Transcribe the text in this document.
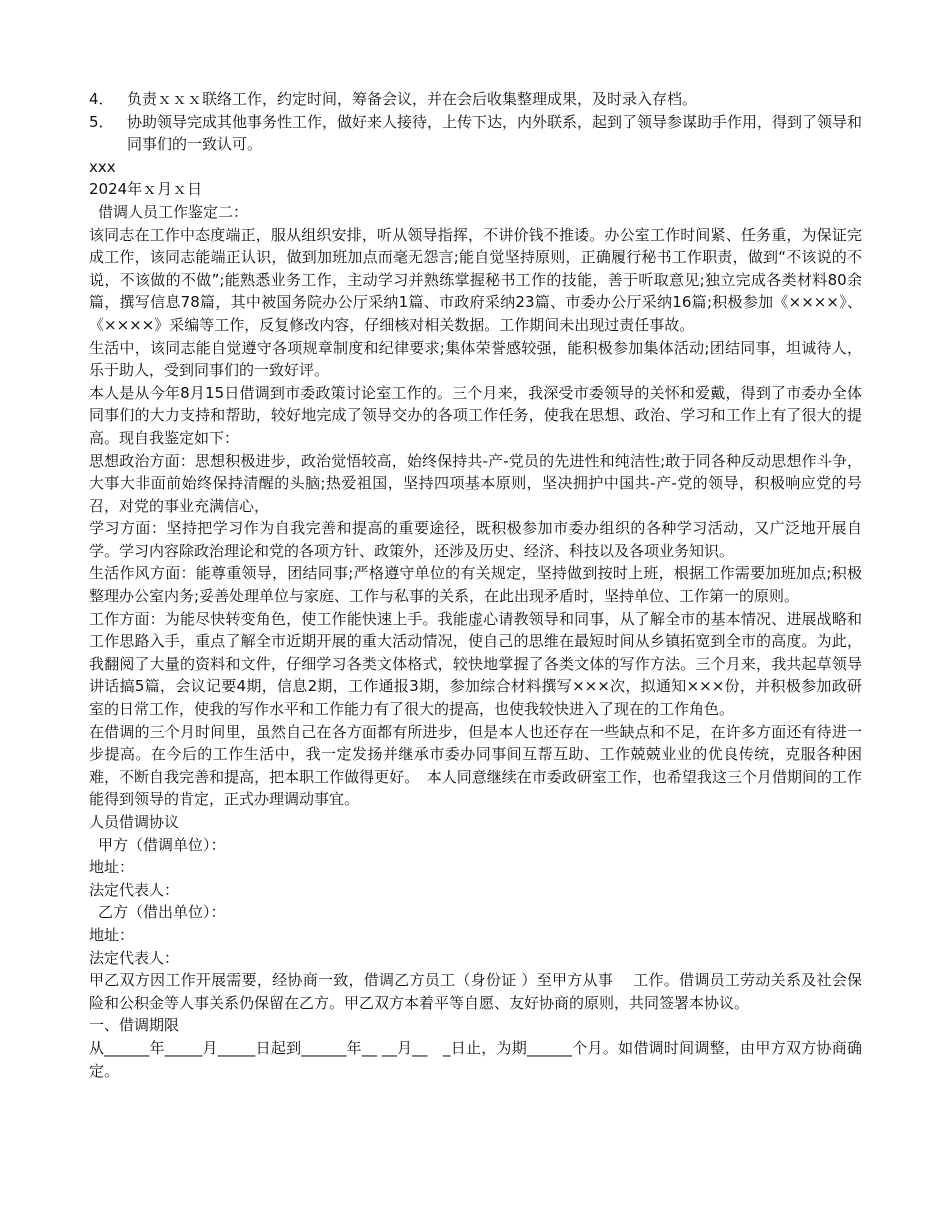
4． 负责ｘｘｘ联络工作，约定时间，筹备会议，并在会后收集整理成果，及时录入存档。

5． 协助领导完成其他事务性工作，做好来人接待，上传下达，内外联系，起到了领导参谋助手作用，得到了领导和同事们的一致认可。

xxx

2024年ｘ月ｘ日

借调人员工作鉴定二：

该同志在工作中态度端正，服从组织安排，听从领导指挥，不讲价钱不推诿。办公室工作时间紧、任务重，为保证完成工作，该同志能端正认识，做到加班加点而毫无怨言;能自觉坚持原则，正确履行秘书工作职责，做到“不该说的不说，不该做的不做”;能熟悉业务工作，主动学习并熟练掌握秘书工作的技能，善于听取意见;独立完成各类材料80余篇，撰写信息78篇，其中被国务院办公厅采纳1篇、市政府采纳23篇、市委办公厅采纳16篇;积极参加《××××》、《××××》采编等工作，反复修改内容，仔细核对相关数据。工作期间未出现过责任事故。

生活中，该同志能自觉遵守各项规章制度和纪律要求;集体荣誉感较强，能积极参加集体活动;团结同事，坦诚待人，乐于助人，受到同事们的一致好评。

本人是从今年8月15日借调到市委政策讨论室工作的。三个月来，我深受市委领导的关怀和爱戴，得到了市委办全体同事们的大力支持和帮助，较好地完成了领导交办的各项工作任务，使我在思想、政治、学习和工作上有了很大的提高。现自我鉴定如下：

思想政治方面：思想积极进步，政治觉悟较高，始终保持共-产-党员的先进性和纯洁性;敢于同各种反动思想作斗争，大事大非面前始终保持清醒的头脑;热爱祖国，坚持四项基本原则，坚决拥护中国共-产-党的领导，积极响应党的号召，对党的事业充满信心，

学习方面：坚持把学习作为自我完善和提高的重要途径，既积极参加市委办组织的各种学习活动，又广泛地开展自学。学习内容除政治理论和党的各项方针、政策外，还涉及历史、经济、科技以及各项业务知识。

生活作风方面：能尊重领导，团结同事;严格遵守单位的有关规定，坚持做到按时上班，根据工作需要加班加点;积极整理办公室内务;妥善处理单位与家庭、工作与私事的关系，在此出现矛盾时，坚持单位、工作第一的原则。

工作方面：为能尽快转变角色，使工作能快速上手。我能虚心请教领导和同事，从了解全市的基本情况、进展战略和工作思路入手，重点了解全市近期开展的重大活动情况，使自己的思维在最短时间从乡镇拓宽到全市的高度。为此，我翻阅了大量的资料和文件，仔细学习各类文体格式，较快地掌握了各类文体的写作方法。三个月来，我共起草领导讲话搞5篇，会议记要4期，信息2期，工作通报3期，参加综合材料撰写×××次，拟通知×××份，并积极参加政研室的日常工作，使我的写作水平和工作能力有了很大的提高，也使我较快进入了现在的工作角色。

在借调的三个月时间里，虽然自己在各方面都有所进步，但是本人也还存在一些缺点和不足，在许多方面还有待进一步提高。在今后的工作生活中，我一定发扬并继承市委办同事间互帮互助、工作兢兢业业的优良传统，克服各种困难，不断自我完善和提高，把本职工作做得更好。　本人同意继续在市委政研室工作，也希望我这三个月借期间的工作能得到领导的肯定，正式办理调动事宜。

人员借调协议

甲方（借调单位）：

地址：

法定代表人：

乙方（借出单位）：

地址：

法定代表人：

甲乙双方因工作开展需要，经协商一致，借调乙方员工（身份证 ）至甲方从事　 工作。借调员工劳动关系及社会保险和公积金等人事关系仍保留在乙方。甲乙双方本着平等自愿、友好协商的原则，共同签署本协议。

一、借调期限

从______年_____月_____日起到______年__ __月__　_日止，为期______个月。如借调时间调整，由甲方双方协商确定。
